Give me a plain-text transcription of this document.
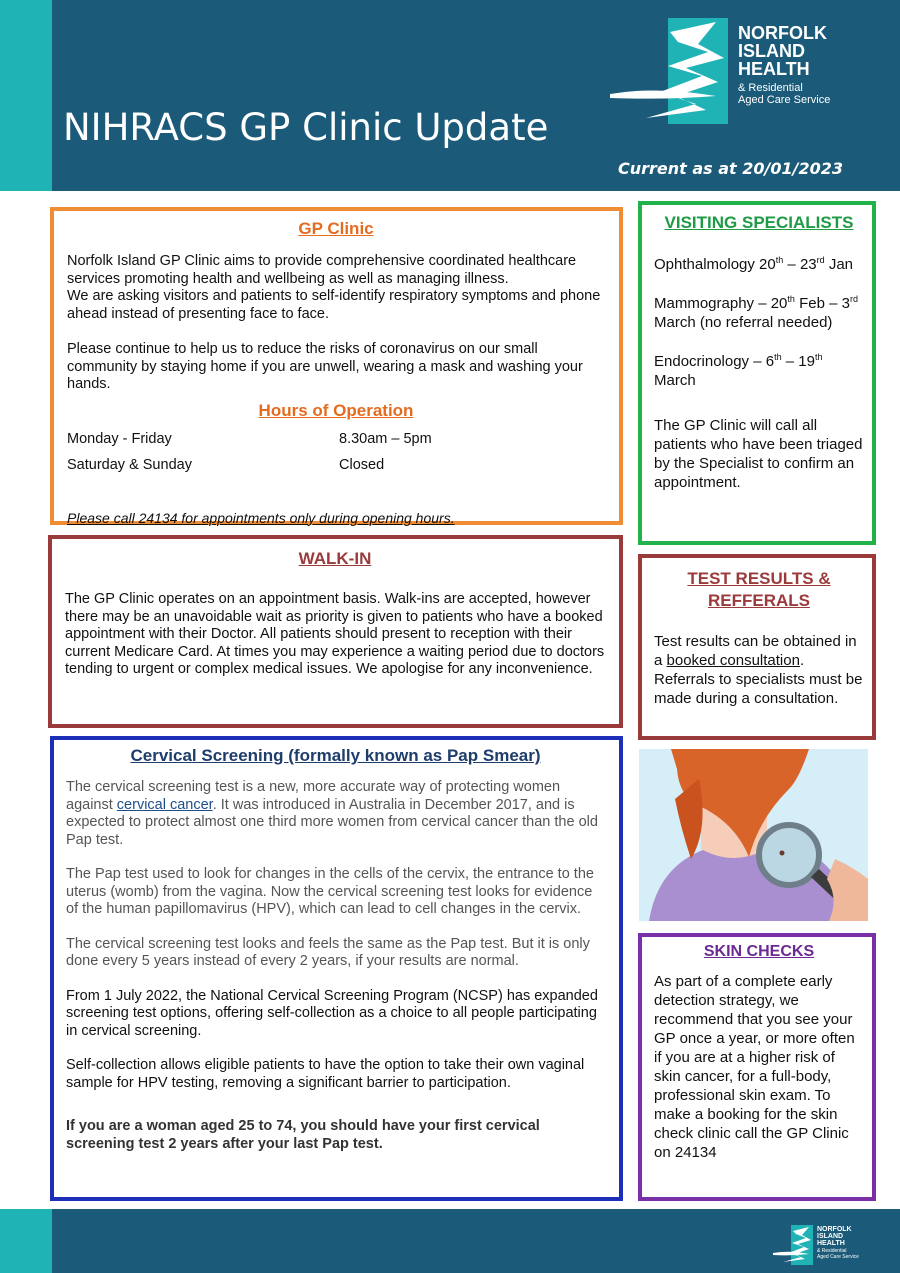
NORFOLK
ISLAND
HEALTH
& Residential
Aged Care Service
NIHRACS GP Clinic Update
Current as at 20/01/2023
GP Clinic

Norfolk Island GP Clinic aims to provide comprehensive coordinated healthcare services promoting health and wellbeing as well as managing illness.

We are asking visitors and patients to self-identify respiratory symptoms and phone ahead instead of presenting face to face.

Please continue to help us to reduce the risks of coronavirus on our small community by staying home if you are unwell, wearing a mask and washing your hands.

Hours of Operation
Monday - Friday	8.30am – 5pm
Saturday & Sunday	Closed
Please call 24134 for appointments only during opening hours.
WALK-IN

The GP Clinic operates on an appointment basis. Walk-ins are accepted, however there may be an unavoidable wait as priority is given to patients who have a booked appointment with their Doctor. All patients should present to reception with their current Medicare Card. At times you may experience a waiting period due to doctors tending to urgent or complex medical issues. We apologise for any inconvenience.

Cervical Screening (formally known as Pap Smear)

The cervical screening test is a new, more accurate way of protecting women against cervical cancer. It was introduced in Australia in December 2017, and is expected to protect almost one third more women from cervical cancer than the old Pap test.

The Pap test used to look for changes in the cells of the cervix, the entrance to the uterus (womb) from the vagina. Now the cervical screening test looks for evidence of the human papillomavirus (HPV), which can lead to cell changes in the cervix.

The cervical screening test looks and feels the same as the Pap test. But it is only done every 5 years instead of every 2 years, if your results are normal.

From 1 July 2022, the National Cervical Screening Program (NCSP) has expanded screening test options, offering self-collection as a choice to all people participating in cervical screening.

Self-collection allows eligible patients to have the option to take their own vaginal sample for HPV testing, removing a significant barrier to participation.

If you are a woman aged 25 to 74, you should have your first cervical screening test 2 years after your last Pap test.

VISITING SPECIALISTS

Ophthalmology 20th – 23rd Jan

Mammography – 20th Feb – 3rd March (no referral needed)

Endocrinology – 6th – 19th March

The GP Clinic will call all patients who have been triaged by the Specialist to confirm an appointment.

TEST RESULTS & REFFERALS

Test results can be obtained in a booked consultation. Referrals to specialists must be made during a consultation.

SKIN CHECKS

As part of a complete early detection strategy, we recommend that you see your GP once a year, or more often if you are at a higher risk of skin cancer, for a full-body, professional skin exam. To make a booking for the skin check clinic call the GP Clinic on 24134

NORFOLK
ISLAND
HEALTH
& Residential
Aged Care Service
